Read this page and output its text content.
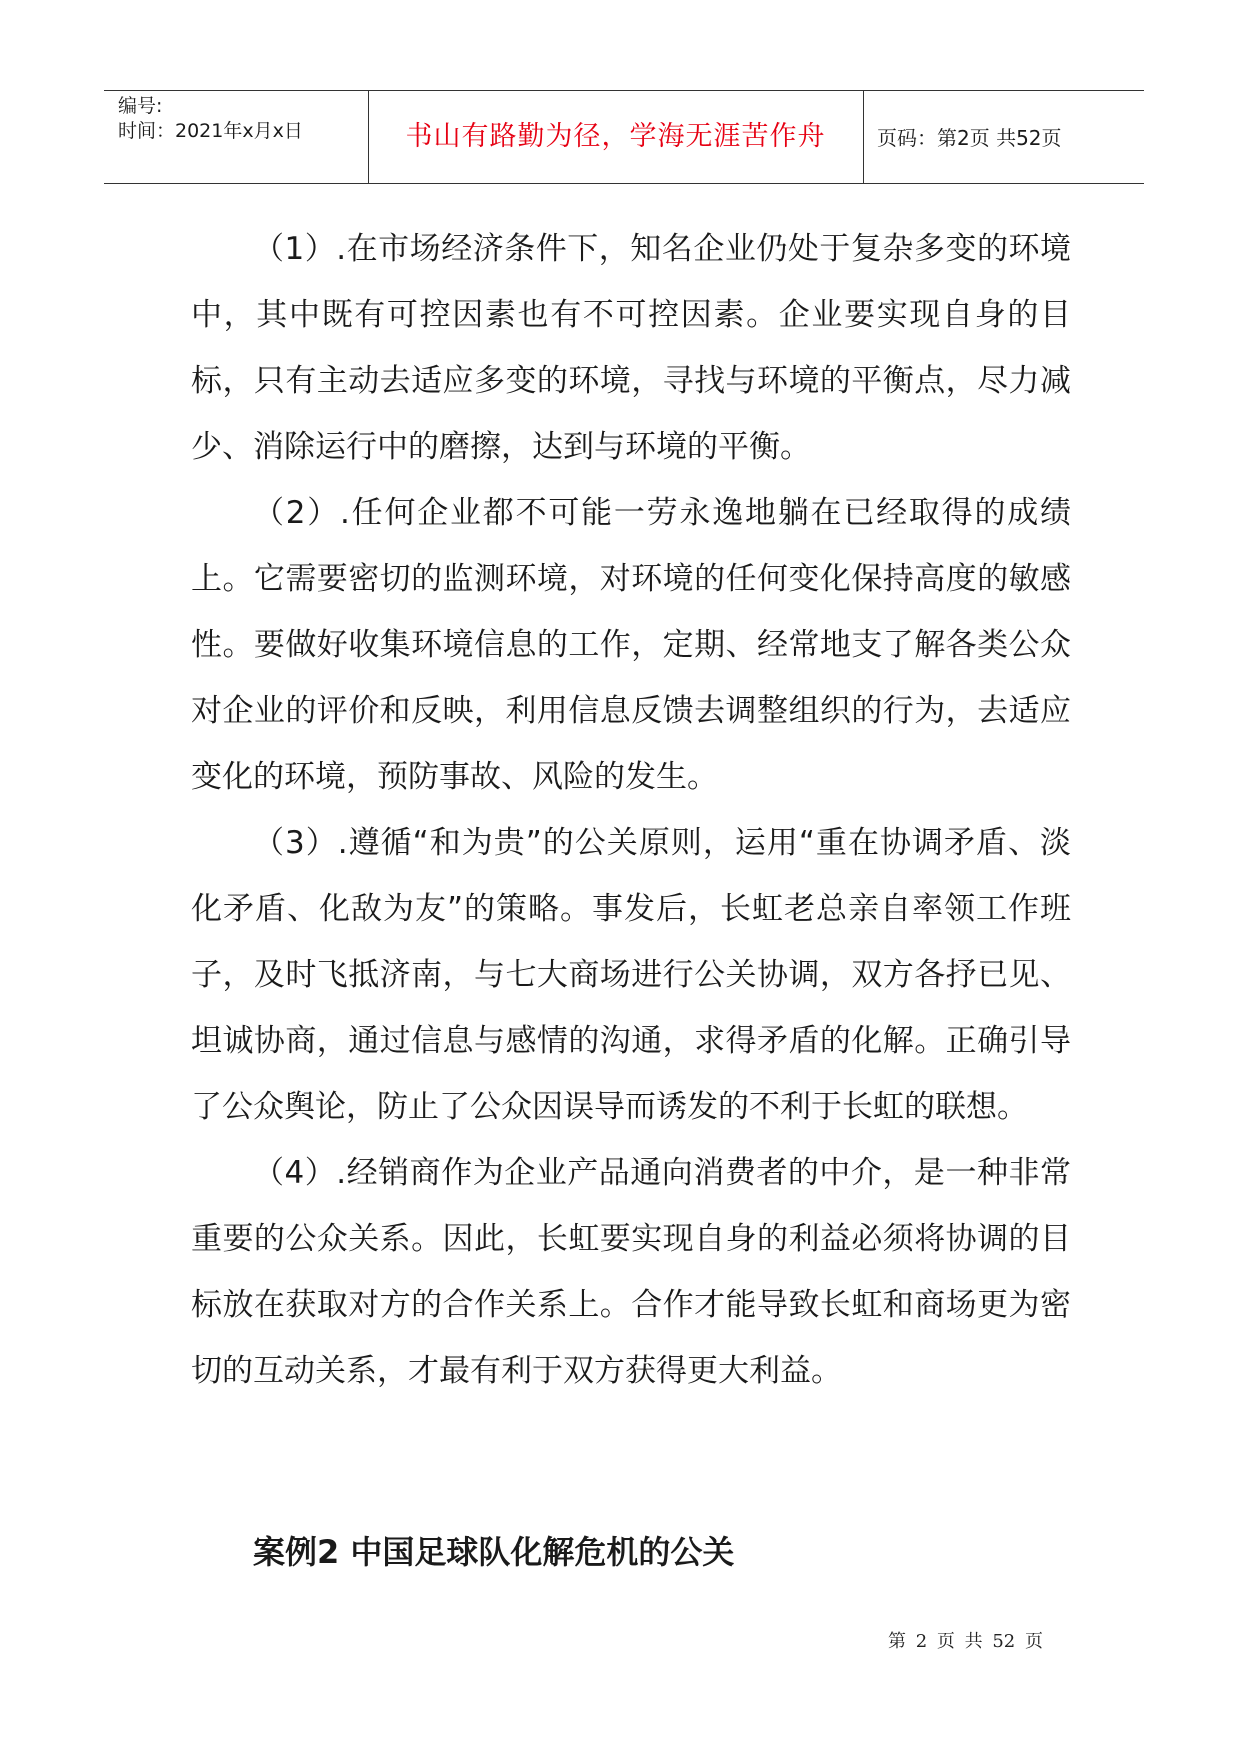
编号:
时间：2021年x月x日	书山有路勤为径，学海无涯苦作舟	页码：第2页 共52页

（1）.在市场经济条件下，知名企业仍处于复杂多变的环境中，其中既有可控因素也有不可控因素。企业要实现自身的目标，只有主动去适应多变的环境，寻找与环境的平衡点，尽力减少、消除运行中的磨擦，达到与环境的平衡。

（2）.任何企业都不可能一劳永逸地躺在已经取得的成绩上。它需要密切的监测环境，对环境的任何变化保持高度的敏感性。要做好收集环境信息的工作，定期、经常地支了解各类公众对企业的评价和反映，利用信息反馈去调整组织的行为，去适应变化的环境，预防事故、风险的发生。

（3）.遵循“和为贵”的公关原则，运用“重在协调矛盾、淡化矛盾、化敌为友”的策略。事发后，长虹老总亲自率领工作班子，及时飞抵济南，与七大商场进行公关协调，双方各抒已见、坦诚协商，通过信息与感情的沟通，求得矛盾的化解。正确引导了公众舆论，防止了公众因误导而诱发的不利于长虹的联想。

（4）.经销商作为企业产品通向消费者的中介，是一种非常重要的公众关系。因此，长虹要实现自身的利益必须将协调的目标放在获取对方的合作关系上。合作才能导致长虹和商场更为密切的互动关系，才最有利于双方获得更大利益。

案例2 中国足球队化解危机的公关
第 2 页 共 52 页
